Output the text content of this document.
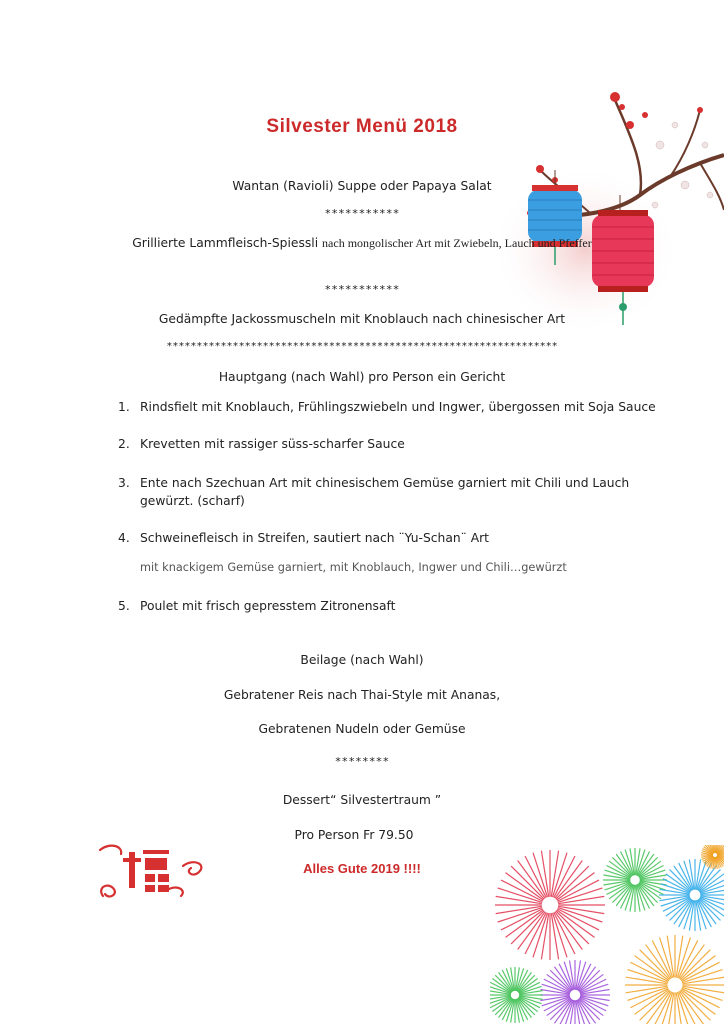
Silvester Menü 2018
Wantan (Ravioli) Suppe oder Papaya Salat
***********
Grillierte Lammfleisch-Spiessli nach mongolischer Art mit Zwiebeln, Lauch und Pfeffer
***********
Gedämpfte Jackossmuscheln mit Knoblauch nach chinesischer Art
*****************************************************************
Hauptgang (nach Wahl) pro Person ein Gericht
1. Rindsfielt mit Knoblauch, Frühlingszwiebeln und Ingwer, übergossen mit Soja Sauce
2. Krevetten mit rassiger süss-scharfer Sauce
3. Ente nach Szechuan Art mit chinesischem Gemüse garniert mit Chili und Lauch
gewürzt. (scharf)
4. Schweinefleisch in Streifen, sautiert nach ¨Yu-Schan¨ Art
mit knackigem Gemüse garniert, mit Knoblauch, Ingwer und Chili…gewürzt
5. Poulet mit frisch gepresstem Zitronensaft
Beilage (nach Wahl)
Gebratener Reis nach Thai-Style mit Ananas,
Gebratenen Nudeln oder Gemüse
********
Dessert“ Silvestertraum ”
Pro Person Fr 79.50
Alles Gute 2019 !!!!
